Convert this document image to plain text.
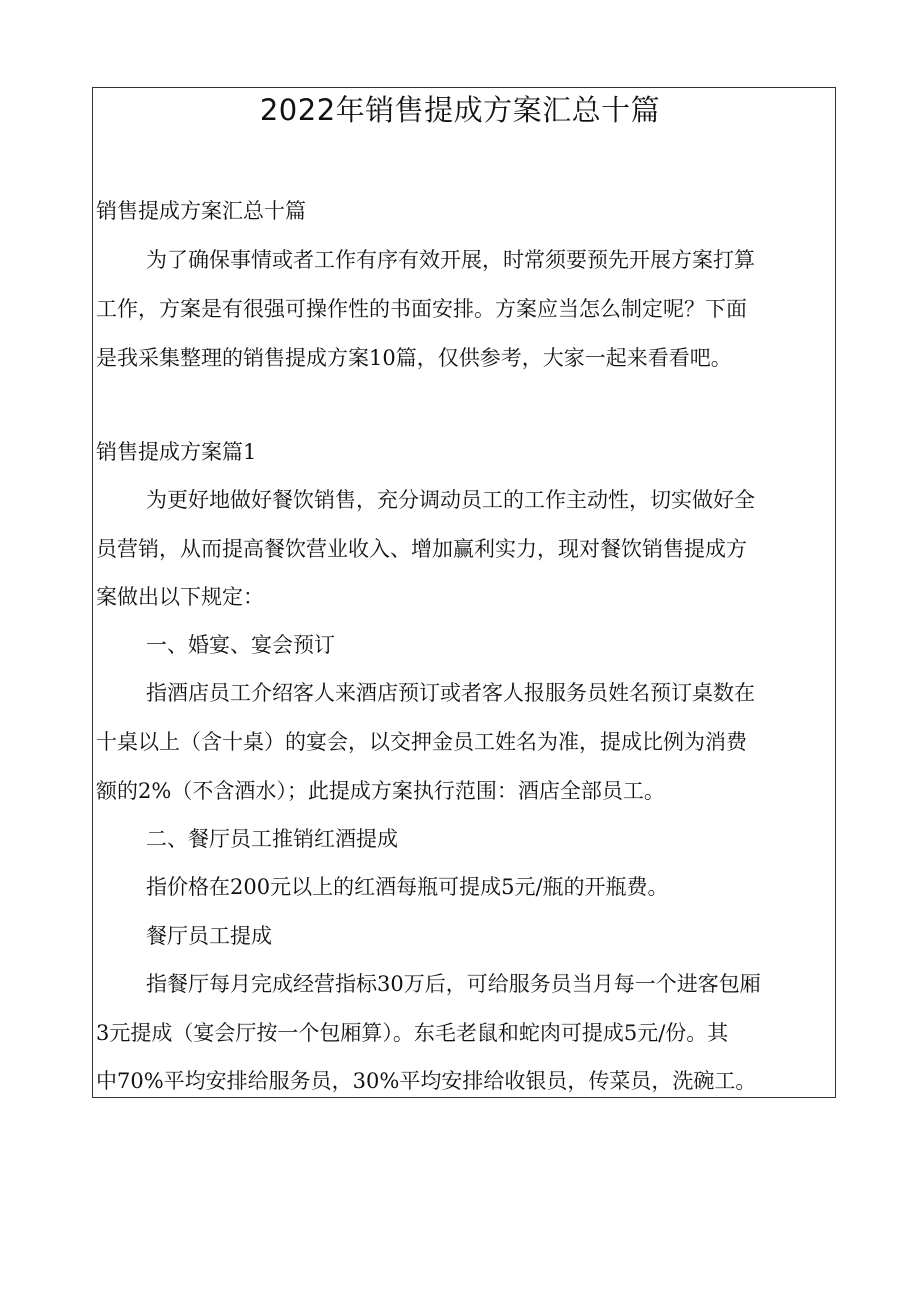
2022年销售提成方案汇总十篇
销售提成方案汇总十篇
为了确保事情或者工作有序有效开展，时常须要预先开展方案打算
工作，方案是有很强可操作性的书面安排。方案应当怎么制定呢？下面
是我采集整理的销售提成方案10篇，仅供参考，大家一起来看看吧。
销售提成方案篇1
为更好地做好餐饮销售，充分调动员工的工作主动性，切实做好全
员营销，从而提高餐饮营业收入、增加赢利实力，现对餐饮销售提成方
案做出以下规定：
一、婚宴、宴会预订
指酒店员工介绍客人来酒店预订或者客人报服务员姓名预订桌数在
十桌以上（含十桌）的宴会，以交押金员工姓名为准，提成比例为消费
额的2%（不含酒水）；此提成方案执行范围：酒店全部员工。
二、餐厅员工推销红酒提成
指价格在200元以上的红酒每瓶可提成5元/瓶的开瓶费。
餐厅员工提成
指餐厅每月完成经营指标30万后，可给服务员当月每一个进客包厢
3元提成（宴会厅按一个包厢算）。东毛老鼠和蛇肉可提成5元/份。其
中70%平均安排给服务员，30%平均安排给收银员，传菜员，洗碗工。
